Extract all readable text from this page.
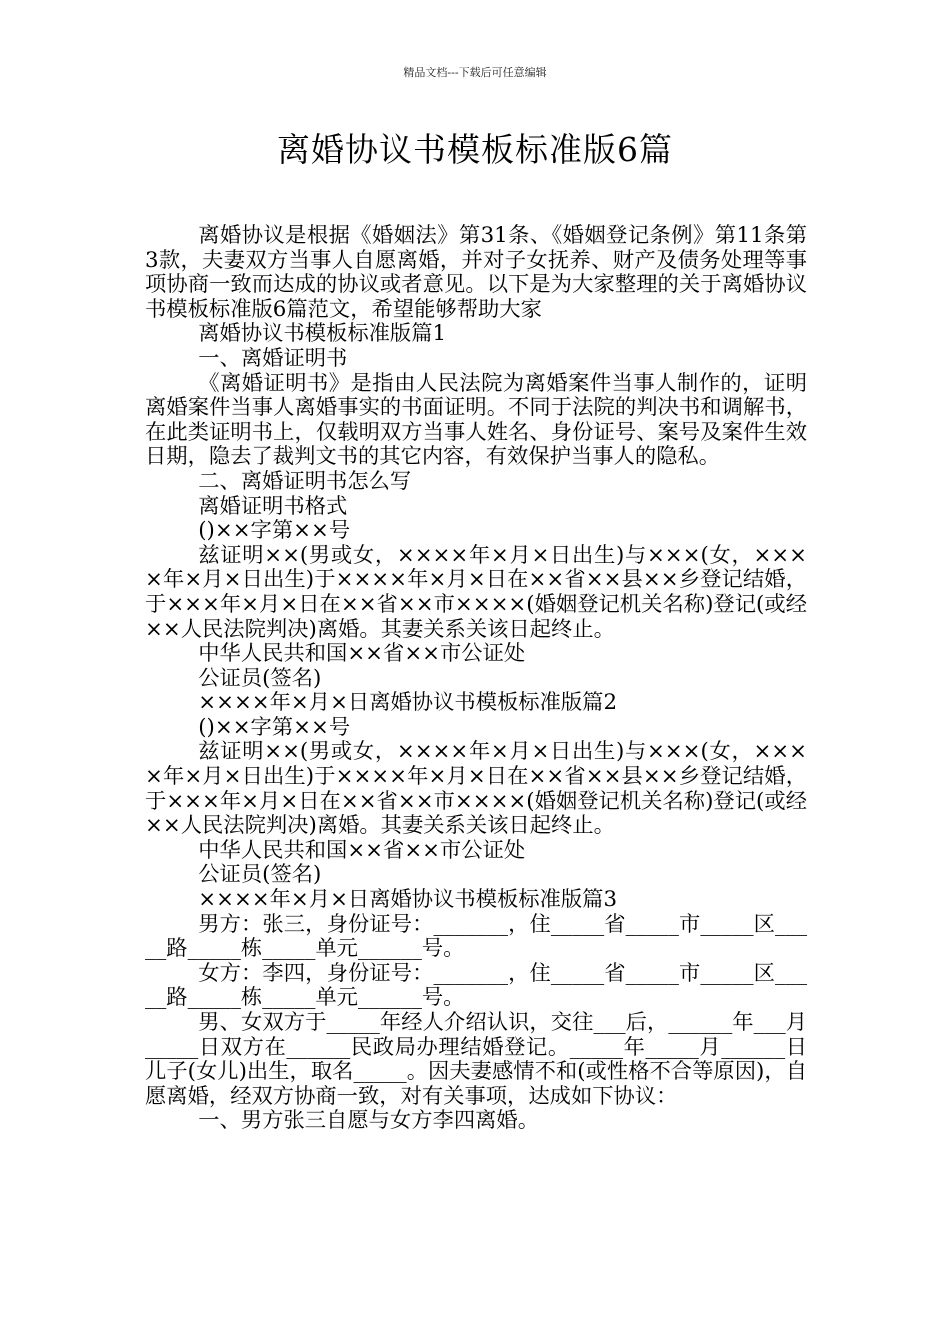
精品文档---下载后可任意编辑
离婚协议书模板标准版6篇

离婚协议是根据《婚姻法》第31条、《婚姻登记条例》第11条第3款，夫妻双方当事人自愿离婚，并对子女抚养、财产及债务处理等事项协商一致而达成的协议或者意见。以下是为大家整理的关于离婚协议书模板标准版6篇范文，希望能够帮助大家

离婚协议书模板标准版篇1

一、离婚证明书

《离婚证明书》是指由人民法院为离婚案件当事人制作的，证明离婚案件当事人离婚事实的书面证明。不同于法院的判决书和调解书，在此类证明书上，仅载明双方当事人姓名、身份证号、案号及案件生效日期，隐去了裁判文书的其它内容，有效保护当事人的隐私。

二、离婚证明书怎么写

离婚证明书格式

()××字第××号

兹证明××(男或女，××××年×月×日出生)与×××(女，××××年×月×日出生)于××××年×月×日在××省××县××乡登记结婚，于×××年×月×日在××省××市××××(婚姻登记机关名称)登记(或经××人民法院判决)离婚。其妻关系关该日起终止。

中华人民共和国××省××市公证处

公证员(签名)

××××年×月×日离婚协议书模板标准版篇2

()××字第××号

兹证明××(男或女，××××年×月×日出生)与×××(女，××××年×月×日出生)于××××年×月×日在××省××县××乡登记结婚，于×××年×月×日在××省××市××××(婚姻登记机关名称)登记(或经××人民法院判决)离婚。其妻关系关该日起终止。

中华人民共和国××省××市公证处

公证员(签名)

××××年×月×日离婚协议书模板标准版篇3

男方：张三，身份证号：_______，住_____省_____市_____区_____路_____栋_____单元______号。

女方：李四，身份证号：_______，住_____省_____市_____区_____路_____栋_____单元______号。

男、女双方于_____年经人介绍认识，交往___后，______年___月_____日双方在______民政局办理结婚登记。_____年_____月______日儿子(女儿)出生，取名_____。因夫妻感情不和(或性格不合等原因)，自愿离婚，经双方协商一致，对有关事项，达成如下协议：

一、男方张三自愿与女方李四离婚。
